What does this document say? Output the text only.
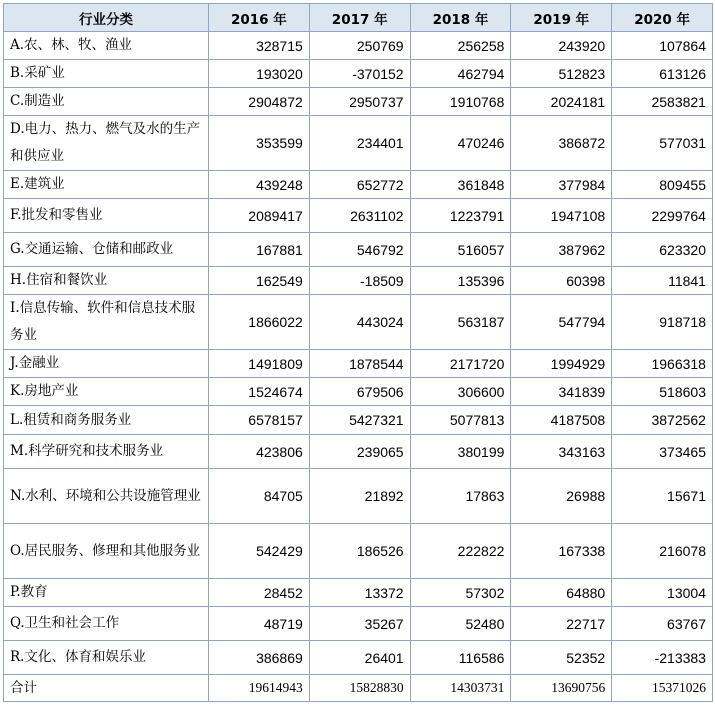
行业分类	2016 年	2017 年	2018 年	2019 年	2020 年
A.农、林、牧、渔业	328715	250769	256258	243920	107864
B.采矿业	193020	-370152	462794	512823	613126
C.制造业	2904872	2950737	1910768	2024181	2583821
D.电力、热力、燃气及水的生产和供应业	353599	234401	470246	386872	577031
E.建筑业	439248	652772	361848	377984	809455
F.批发和零售业	2089417	2631102	1223791	1947108	2299764
G.交通运输、仓储和邮政业	167881	546792	516057	387962	623320
H.住宿和餐饮业	162549	-18509	135396	60398	11841
I.信息传输、软件和信息技术服务业	1866022	443024	563187	547794	918718
J.金融业	1491809	1878544	2171720	1994929	1966318
K.房地产业	1524674	679506	306600	341839	518603
L.租赁和商务服务业	6578157	5427321	5077813	4187508	3872562
M.科学研究和技术服务业	423806	239065	380199	343163	373465
N.水利、环境和公共设施管理业	84705	21892	17863	26988	15671
O.居民服务、修理和其他服务业	542429	186526	222822	167338	216078
P.教育	28452	13372	57302	64880	13004
Q.卫生和社会工作	48719	35267	52480	22717	63767
R.文化、体育和娱乐业	386869	26401	116586	52352	-213383
合计	19614943	15828830	14303731	13690756	15371026
